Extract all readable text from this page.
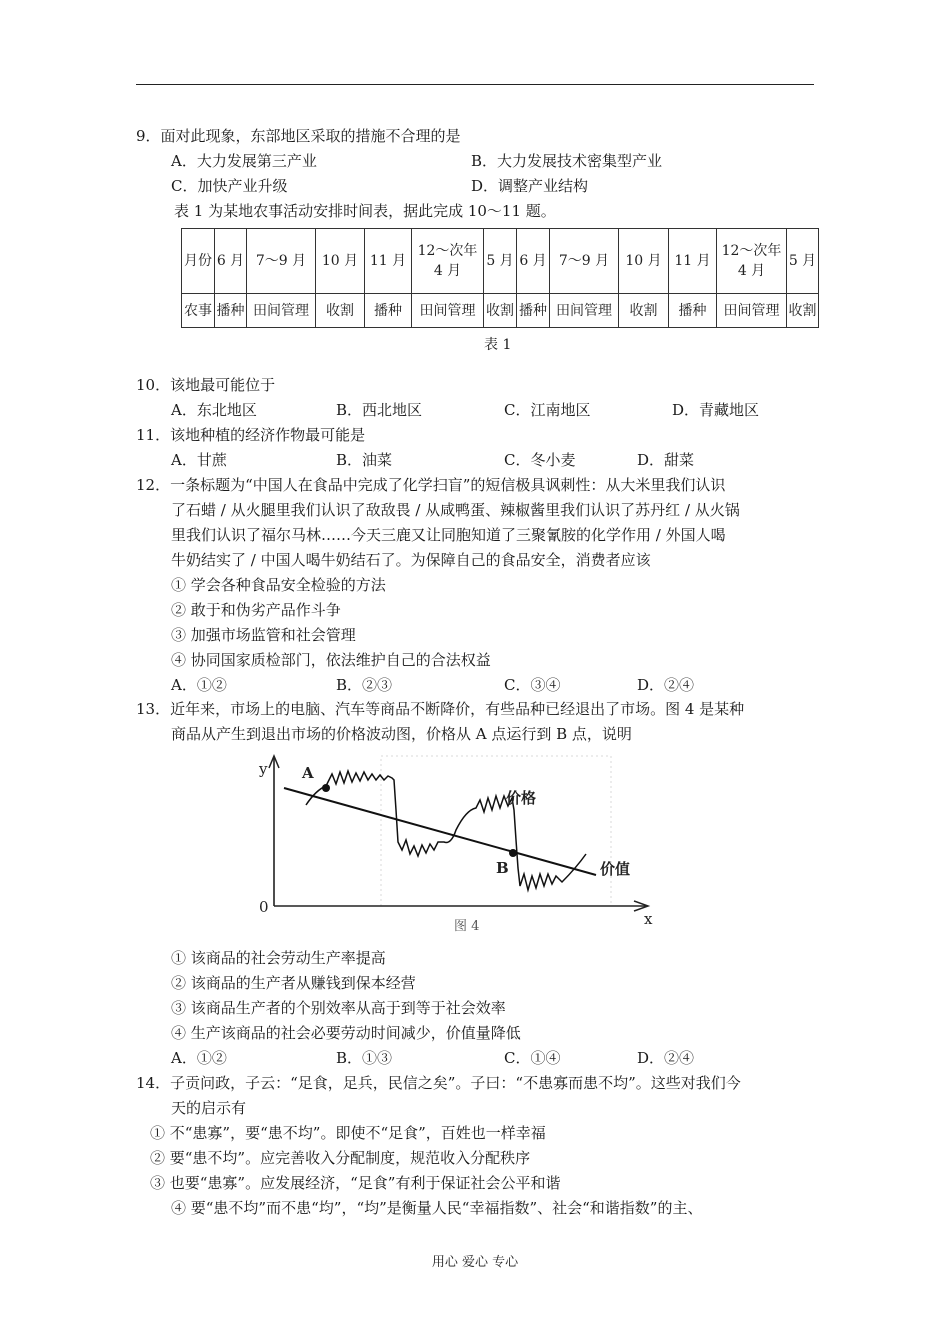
9．面对此现象，东部地区采取的措施不合理的是
A．大力发展第三产业	B．大力发展技术密集型产业
C．加快产业升级	D．调整产业结构
表 1 为某地农事活动安排时间表，据此完成 10～11 题。
月份	6 月	7～9 月	10 月	11 月	12～次年 4 月	5 月	6 月	7～9 月	10 月	11 月	12～次年 4 月	5 月
农事	播种	田间管理	收割	播种	田间管理	收割	播种	田间管理	收割	播种	田间管理	收割
表 1
10．该地最可能位于
A．东北地区	B．西北地区	C．江南地区	D．青藏地区
11．该地种植的经济作物最可能是
A．甘蔗	B．油菜	C．冬小麦	D．甜菜
12．一条标题为“中国人在食品中完成了化学扫盲”的短信极具讽刺性：从大米里我们认识
了石蜡 / 从火腿里我们认识了敌敌畏 / 从咸鸭蛋、辣椒酱里我们认识了苏丹红 / 从火锅
里我们认识了福尔马林……今天三鹿又让同胞知道了三聚氰胺的化学作用 / 外国人喝
牛奶结实了 / 中国人喝牛奶结石了。为保障自己的食品安全，消费者应该
① 学会各种食品安全检验的方法
② 敢于和伪劣产品作斗争
③ 加强市场监管和社会管理
④ 协同国家质检部门，依法维护自己的合法权益
A．①②	B．②③	C．③④	D．②④
13．近年来，市场上的电脑、汽车等商品不断降价，有些品种已经退出了市场。图 4 是某种
商品从产生到退出市场的价格波动图，价格从 A 点运行到 B 点，说明
y
x
0
A
B
价格
价值
图 4
① 该商品的社会劳动生产率提高
② 该商品的生产者从赚钱到保本经营
③ 该商品生产者的个别效率从高于到等于社会效率
④ 生产该商品的社会必要劳动时间减少，价值量降低
A．①②	B．①③	C．①④	D．②④
14．子贡问政，子云：“足食，足兵，民信之矣”。子曰：“不患寡而患不均”。这些对我们今
天的启示有
① 不“患寡”，要“患不均”。即使不“足食”，百姓也一样幸福
② 要“患不均”。应完善收入分配制度，规范收入分配秩序
③ 也要“患寡”。应发展经济，“足食”有利于保证社会公平和谐
④ 要“患不均”而不患“均”，“均”是衡量人民“幸福指数”、社会“和谐指数”的主、
用心 爱心 专心
